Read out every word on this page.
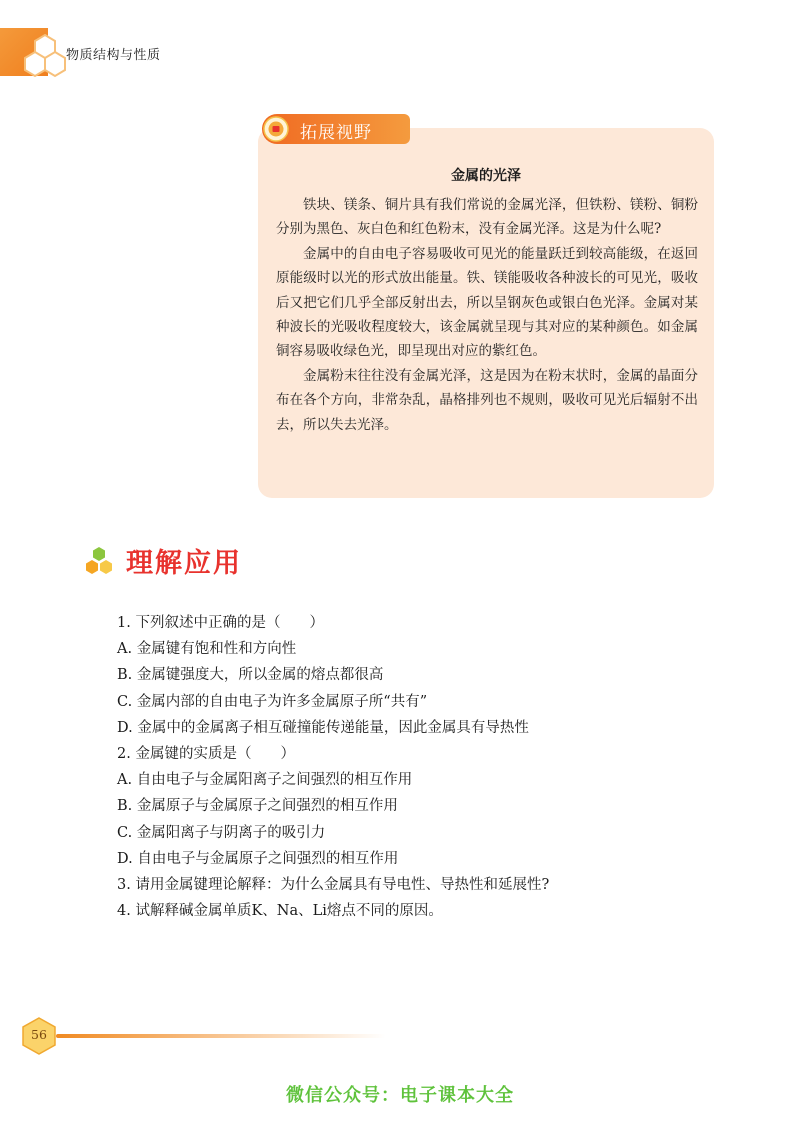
物质结构与性质
拓展视野
金属的光泽

铁块、镁条、铜片具有我们常说的金属光泽，但铁粉、镁粉、铜粉分别为黑色、灰白色和红色粉末，没有金属光泽。这是为什么呢?

金属中的自由电子容易吸收可见光的能量跃迁到较高能级，在返回原能级时以光的形式放出能量。铁、镁能吸收各种波长的可见光，吸收后又把它们几乎全部反射出去，所以呈钢灰色或银白色光泽。金属对某种波长的光吸收程度较大，该金属就呈现与其对应的某种颜色。如金属铜容易吸收绿色光，即呈现出对应的紫红色。

金属粉末往往没有金属光泽，这是因为在粉末状时，金属的晶面分布在各个方向，非常杂乱，晶格排列也不规则，吸收可见光后辐射不出去，所以失去光泽。

理解应用
1. 下列叙述中正确的是（　　）
A. 金属键有饱和性和方向性
B. 金属键强度大，所以金属的熔点都很高
C. 金属内部的自由电子为许多金属原子所“共有”
D. 金属中的金属离子相互碰撞能传递能量，因此金属具有导热性
2. 金属键的实质是（　　）
A. 自由电子与金属阳离子之间强烈的相互作用
B. 金属原子与金属原子之间强烈的相互作用
C. 金属阳离子与阴离子的吸引力
D. 自由电子与金属原子之间强烈的相互作用
3. 请用金属键理论解释：为什么金属具有导电性、导热性和延展性?
4. 试解释碱金属单质K、Na、Li熔点不同的原因。
56
微信公众号：电子课本大全
